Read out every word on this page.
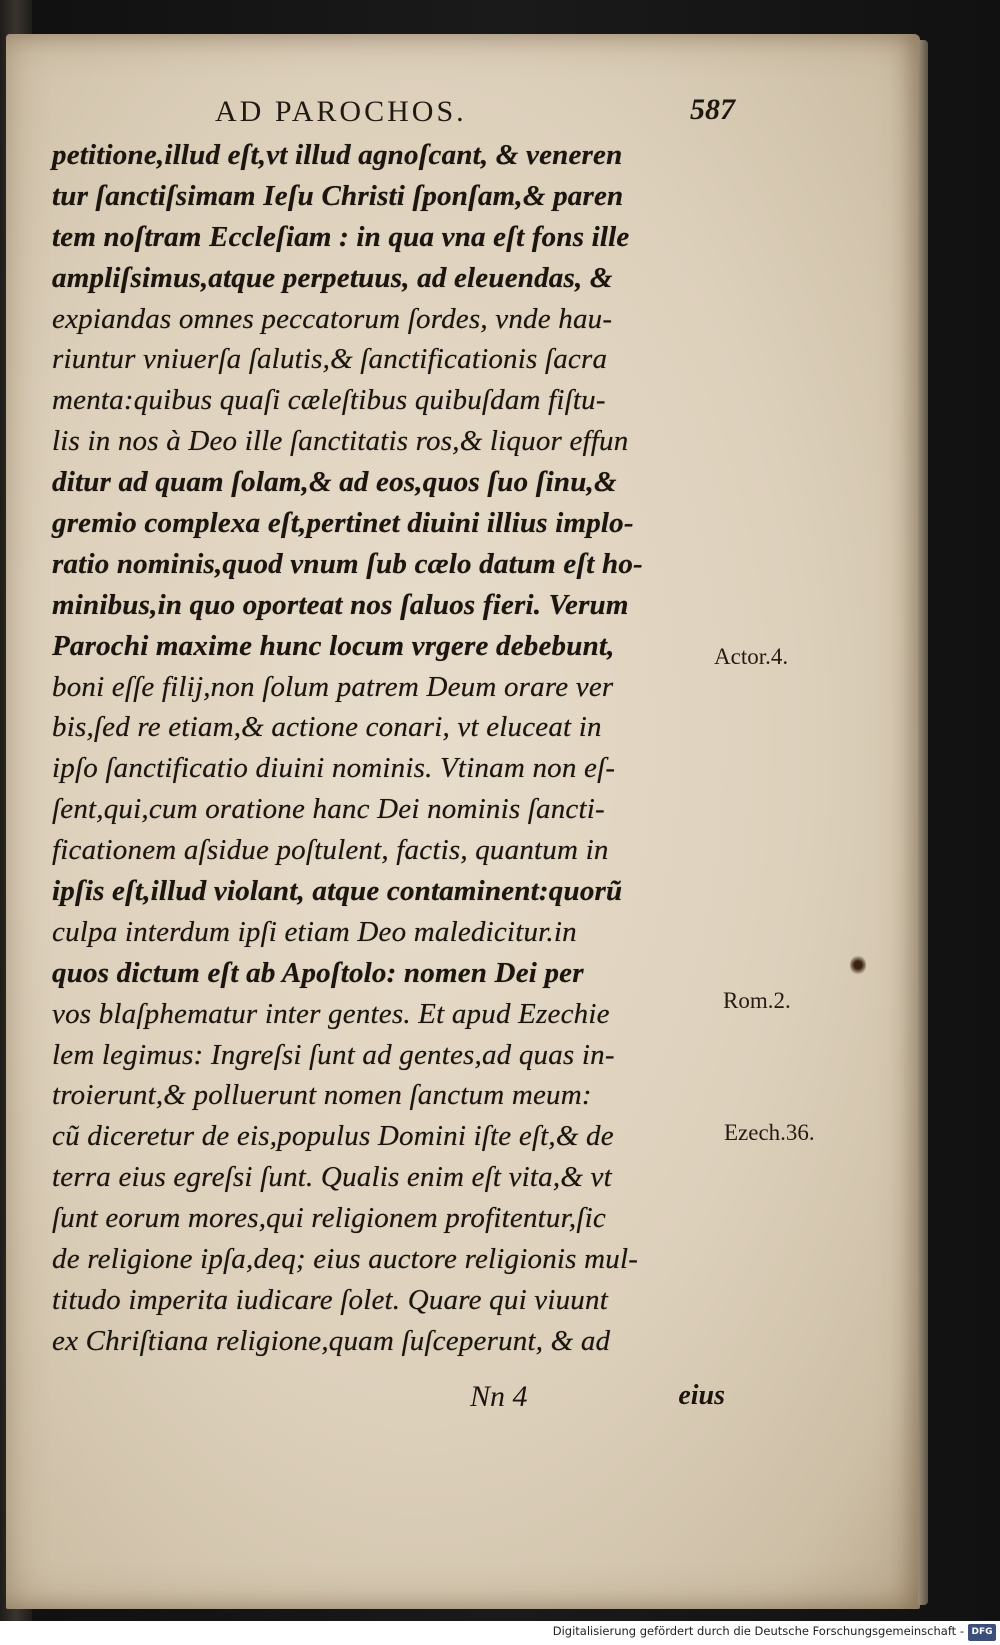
AD PAROCHOS.	587
petitione,illud eſt,vt illud agnoſcant, & veneren
tur ſanctiſsimam Ieſu Christi ſponſam,& paren
tem noſtram Eccleſiam : in qua vna eſt fons ille
ampliſsimus,atque perpetuus, ad eleuendas, &
expiandas omnes peccatorum ſordes, vnde hau-
riuntur vniuerſa ſalutis,& ſanctificationis ſacra
menta:quibus quaſi cæleſtibus quibuſdam fiſtu-
lis in nos à Deo ille ſanctitatis ros,& liquor effun
ditur ad quam ſolam,& ad eos,quos ſuo ſinu,&
gremio complexa eſt,pertinet diuini illius implo-
ratio nominis,quod vnum ſub cælo datum eſt ho-
minibus,in quo oporteat nos ſaluos fieri. Verum
Parochi maxime hunc locum vrgere debebunt,
boni eſſe filij,non ſolum patrem Deum orare ver
bis,ſed re etiam,& actione conari, vt eluceat in
ipſo ſanctificatio diuini nominis. Vtinam non eſ-
ſent,qui,cum oratione hanc Dei nominis ſancti-
ficationem aſsidue poſtulent, factis, quantum in
ipſis eſt,illud violant, atque contaminent:quorũ
culpa interdum ipſi etiam Deo maledicitur.in
quos dictum eſt ab Apoſtolo: nomen Dei per
vos blaſphematur inter gentes. Et apud Ezechie
lem legimus: Ingreſsi ſunt ad gentes,ad quas in-
troierunt,& polluerunt nomen ſanctum meum:
cũ diceretur de eis,populus Domini iſte eſt,& de
terra eius egreſsi ſunt. Qualis enim eſt vita,& vt
ſunt eorum mores,qui religionem profitentur,ſic
de religione ipſa,deq; eius auctore religionis mul-
titudo imperita iudicare ſolet. Quare qui viuunt
ex Chriſtiana religione,quam ſuſceperunt, & ad
Actor.4.
Rom.2.
Ezech.36.
Nn 4	eius
Digitalisierung gefördert durch die Deutsche Forschungsgemeinschaft - DFG
